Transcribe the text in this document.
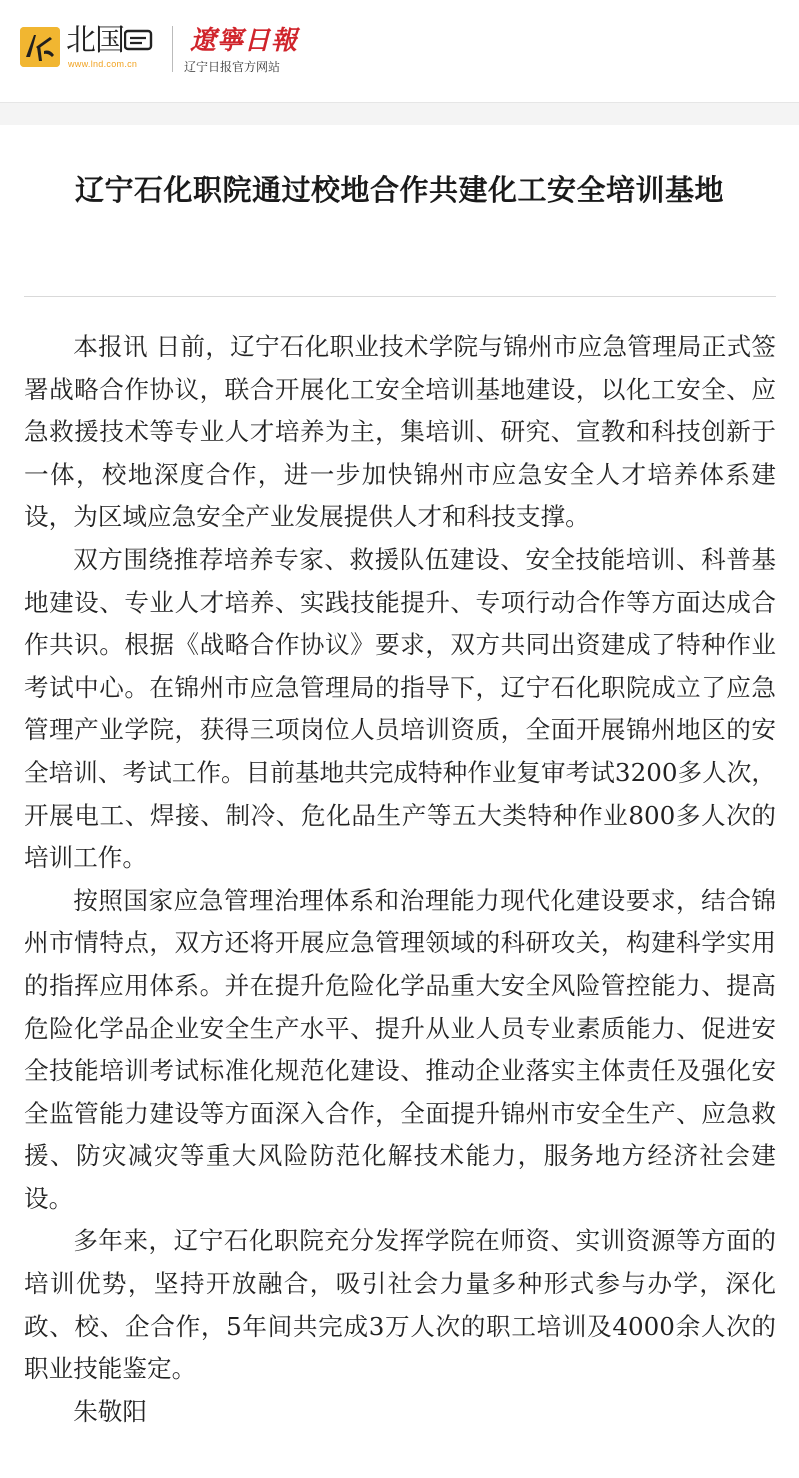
北国
www.lnd.com.cn
遼寧日報
辽宁日报官方网站
辽宁石化职院通过校地合作共建化工安全培训基地

本报讯 日前，辽宁石化职业技术学院与锦州市应急管理局正式签署战略合作协议，联合开展化工安全培训基地建设，以化工安全、应急救援技术等专业人才培养为主，集培训、研究、宣教和科技创新于一体，校地深度合作，进一步加快锦州市应急安全人才培养体系建设，为区域应急安全产业发展提供人才和科技支撑。

双方围绕推荐培养专家、救援队伍建设、安全技能培训、科普基地建设、专业人才培养、实践技能提升、专项行动合作等方面达成合作共识。根据《战略合作协议》要求，双方共同出资建成了特种作业考试中心。在锦州市应急管理局的指导下，辽宁石化职院成立了应急管理产业学院，获得三项岗位人员培训资质，全面开展锦州地区的安全培训、考试工作。目前基地共完成特种作业复审考试3200多人次，开展电工、焊接、制冷、危化品生产等五大类特种作业800多人次的培训工作。

按照国家应急管理治理体系和治理能力现代化建设要求，结合锦州市情特点，双方还将开展应急管理领域的科研攻关，构建科学实用的指挥应用体系。并在提升危险化学品重大安全风险管控能力、提高危险化学品企业安全生产水平、提升从业人员专业素质能力、促进安全技能培训考试标准化规范化建设、推动企业落实主体责任及强化安全监管能力建设等方面深入合作，全面提升锦州市安全生产、应急救援、防灾减灾等重大风险防范化解技术能力，服务地方经济社会建设。

多年来，辽宁石化职院充分发挥学院在师资、实训资源等方面的培训优势，坚持开放融合，吸引社会力量多种形式参与办学，深化政、校、企合作，5年间共完成3万人次的职工培训及4000余人次的职业技能鉴定。

朱敬阳
